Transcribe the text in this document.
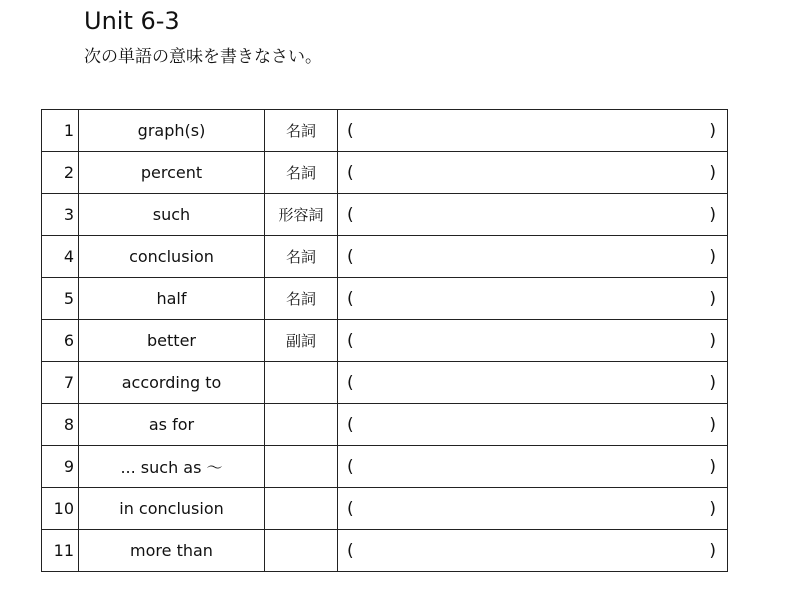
Unit 6-3
次の単語の意味を書きなさい。
1	graph(s)	名詞	( )

2	percent	名詞	( )

3	such	形容詞	( )

4	conclusion	名詞	( )

5	half	名詞	( )

6	better	副詞	( )

7	according to		( )

8	as for		( )

9	... such as ～		( )

10	in conclusion		( )

11	more than		( )
